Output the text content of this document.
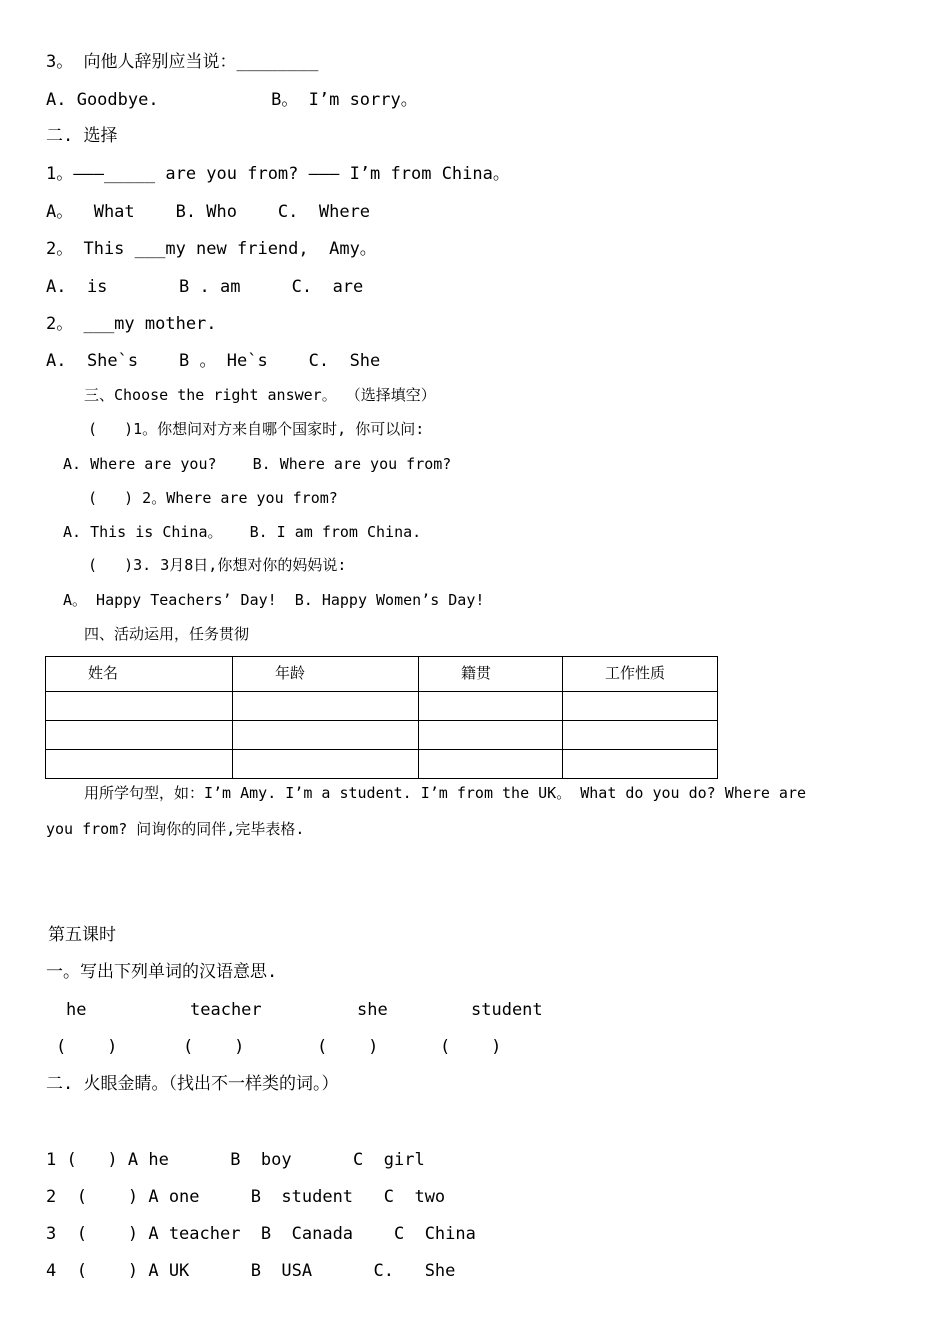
3。 向他人辞别应当说：________
A. Goodbye.           B。 I’m sorry。
二. 选择
1。———_____ are you from? ——— I’m from China。
A。  What    B. Who    C.  Where
2。 This ___my new friend,  Amy。
A.  is       B . am     C.  are
2。 ___my mother.
A.  She`s    B 。 He`s    C.  She
三、Choose the right answer。 （选择填空）
(   )1。你想问对方来自哪个国家时, 你可以问:
A. Where are you?    B. Where are you from?
(   ) 2。Where are you from?
A. This is China。   B. I am from China.
(   )3. 3月8日,你想对你的妈妈说:
A。 Happy Teachers’ Day!  B. Happy Women’s Day!
四、活动运用，任务贯彻
姓名	年龄	籍贯	工作性质

用所学句型，如：I’m Amy. I’m a student. I’m from the UK。 What do you do? Where are
you from? 问询你的同伴,完毕表格.
第五课时
一。写出下列单词的汉语意思.
he	teacher	she	student
(    )	(    )	(    )	(    )
二. 火眼金睛。（找出不一样类的词。）
1 (   ) A he      B  boy      C  girl
2  (    ) A one     B  student   C  two
3  (    ) A teacher  B  Canada    C  China
4  (    ) A UK      B  USA      C.   She
